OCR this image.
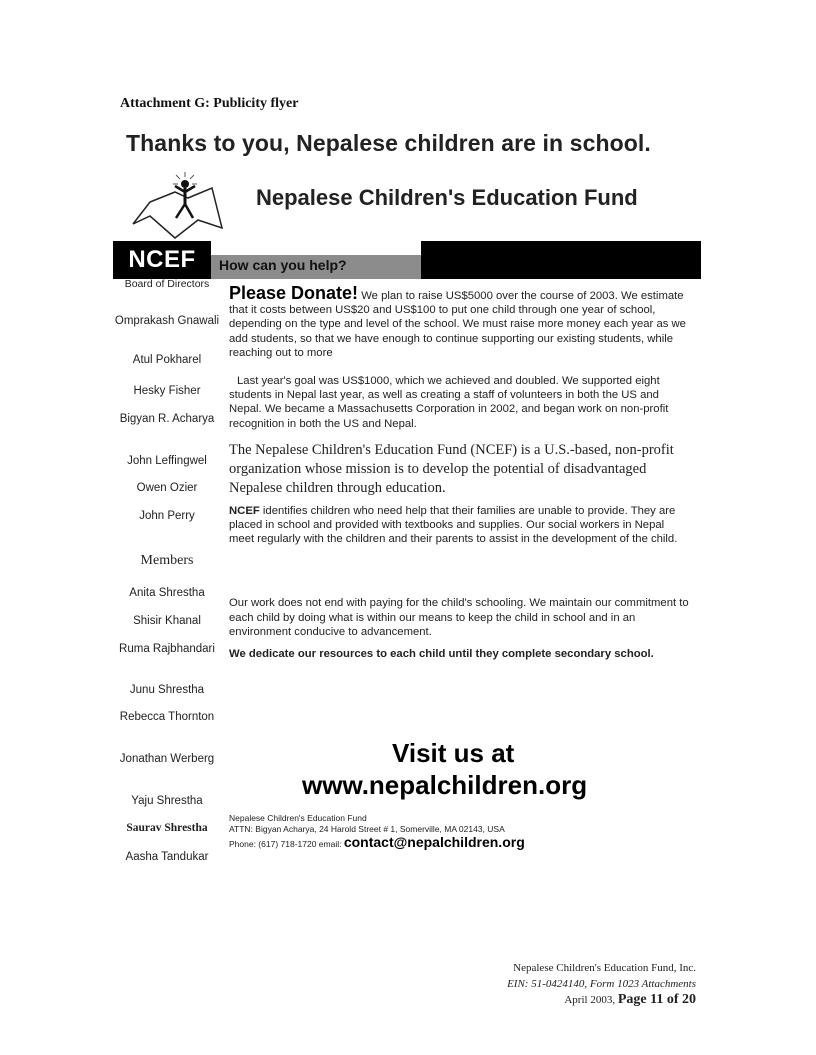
Attachment G: Publicity flyer
Thanks to you, Nepalese children are in school.
Nepalese Children's Education Fund
NCEF	How can you help?
Board of Directors
Omprakash Gnawali
Atul Pokharel
Hesky Fisher
Bigyan R. Acharya
John Leffingwel
Owen Ozier
John Perry
Members
Anita Shrestha
Shisir Khanal
Ruma Rajbhandari
Junu Shrestha
Rebecca Thornton
Jonathan Werberg
Yaju Shrestha
Saurav Shrestha
Aasha Tandukar

Please Donate! We plan to raise US$5000 over the course of 2003. We estimate that it costs between US$20 and US$100 to put one child through one year of school, depending on the type and level of the school. We must raise more money each year as we add students, so that we have enough to continue supporting our existing students, while reaching out to more

Last year's goal was US$1000, which we achieved and doubled. We supported eight students in Nepal last year, as well as creating a staff of volunteers in both the US and Nepal. We became a Massachusetts Corporation in 2002, and began work on non-profit recognition in both the US and Nepal.

The Nepalese Children's Education Fund (NCEF) is a U.S.-based, non-profit organization whose mission is to develop the potential of disadvantaged Nepalese children through education.

NCEF identifies children who need help that their families are unable to provide. They are placed in school and provided with textbooks and supplies. Our social workers in Nepal meet regularly with the children and their parents to assist in the development of the child.

Our work does not end with paying for the child's schooling. We maintain our commitment to each child by doing what is within our means to keep the child in school and in an environment conducive to advancement.

We dedicate our resources to each child until they complete secondary school.

Visit us at
www.nepalchildren.org
Nepalese Children's Education Fund
ATTN: Bigyan Acharya, 24 Harold Street # 1, Somerville, MA 02143, USA
Phone: (617) 718-1720 email: contact@nepalchildren.org
Nepalese Children's Education Fund, Inc.
EIN: 51-0424140, Form 1023 Attachments
April 2003, Page 11 of 20
